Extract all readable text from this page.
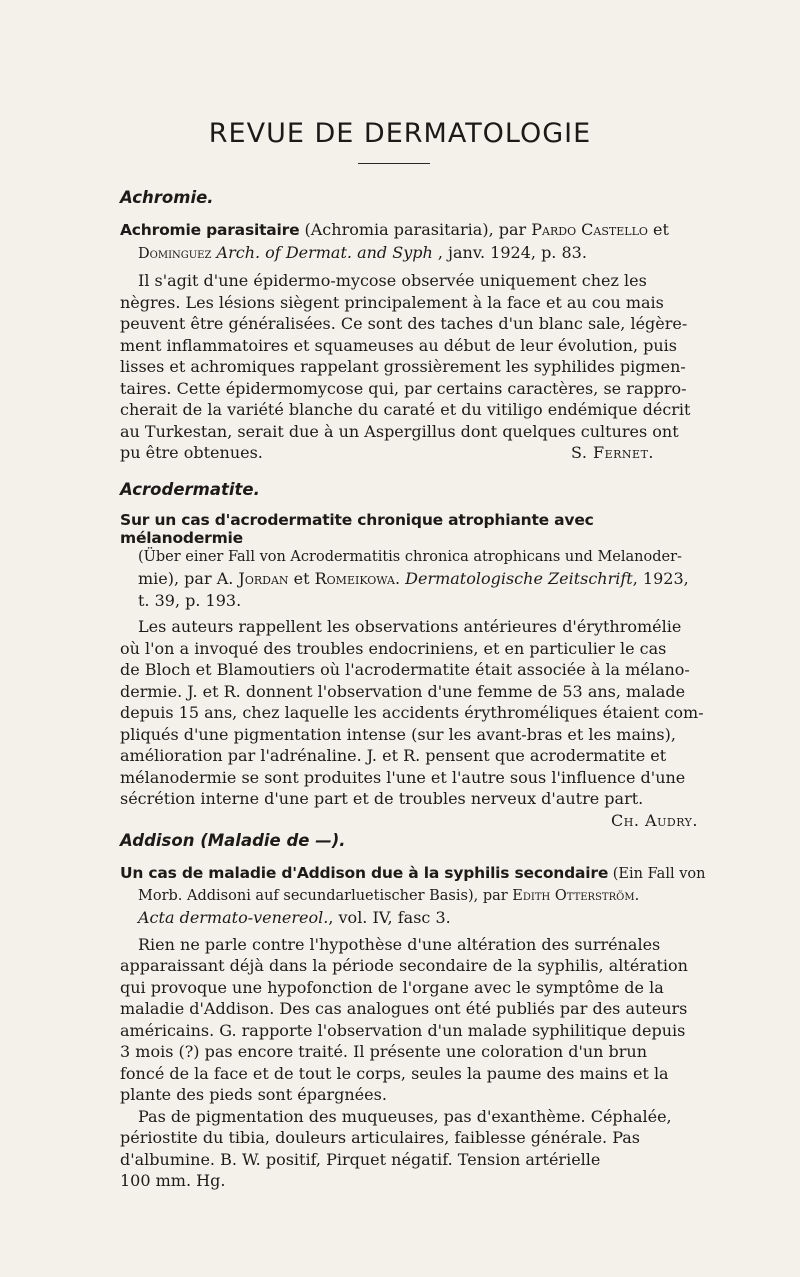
REVUE DE DERMATOLOGIE
Achromie.
Achromie parasitaire (Achromia parasitaria), par Pardo Castello et
Dominguez Arch. of Dermat. and Syph , janv. 1924, p. 83.
Il s'agit d'une épidermo-mycose observée uniquement chez les
nègres. Les lésions siègent principalement à la face et au cou mais
peuvent être généralisées. Ce sont des taches d'un blanc sale, légère-
ment inflammatoires et squameuses au début de leur évolution, puis
lisses et achromiques rappelant grossièrement les syphilides pigmen-
taires. Cette épidermomycose qui, par certains caractères, se rappro-
cherait de la variété blanche du caraté et du vitiligo endémique décrit
au Turkestan, serait due à un Aspergillus dont quelques cultures ont
pu être obtenues.	S. Fernet.
Acrodermatite.
Sur un cas d'acrodermatite chronique atrophiante avec mélanodermie
(Über einer Fall von Acrodermatitis chronica atrophicans und Melanoder-
mie), par A. Jordan et Romeikowa. Dermatologische Zeitschrift, 1923,
t. 39, p. 193.
Les auteurs rappellent les observations antérieures d'érythromélie
où l'on a invoqué des troubles endocriniens, et en particulier le cas
de Bloch et Blamoutiers où l'acrodermatite était associée à la mélano-
dermie. J. et R. donnent l'observation d'une femme de 53 ans, malade
depuis 15 ans, chez laquelle les accidents érythroméliques étaient com-
pliqués d'une pigmentation intense (sur les avant-bras et les mains),
amélioration par l'adrénaline. J. et R. pensent que acrodermatite et
mélanodermie se sont produites l'une et l'autre sous l'influence d'une
sécrétion interne d'une part et de troubles nerveux d'autre part.
Ch. Audry.
Addison (Maladie de —).
Un cas de maladie d'Addison due à la syphilis secondaire (Ein Fall von
Morb. Addisoni auf secundarluetischer Basis), par Edith Otterström.
Acta dermato-venereol., vol. IV, fasc 3.
Rien ne parle contre l'hypothèse d'une altération des surrénales
apparaissant déjà dans la période secondaire de la syphilis, altération
qui provoque une hypofonction de l'organe avec le symptôme de la
maladie d'Addison. Des cas analogues ont été publiés par des auteurs
américains. G. rapporte l'observation d'un malade syphilitique depuis
3 mois (?) pas encore traité. Il présente une coloration d'un brun
foncé de la face et de tout le corps, seules la paume des mains et la
plante des pieds sont épargnées.
Pas de pigmentation des muqueuses, pas d'exanthème. Céphalée,
périostite du tibia, douleurs articulaires, faiblesse générale. Pas
d'albumine. B. W. positif, Pirquet négatif. Tension artérielle
100 mm. Hg.
